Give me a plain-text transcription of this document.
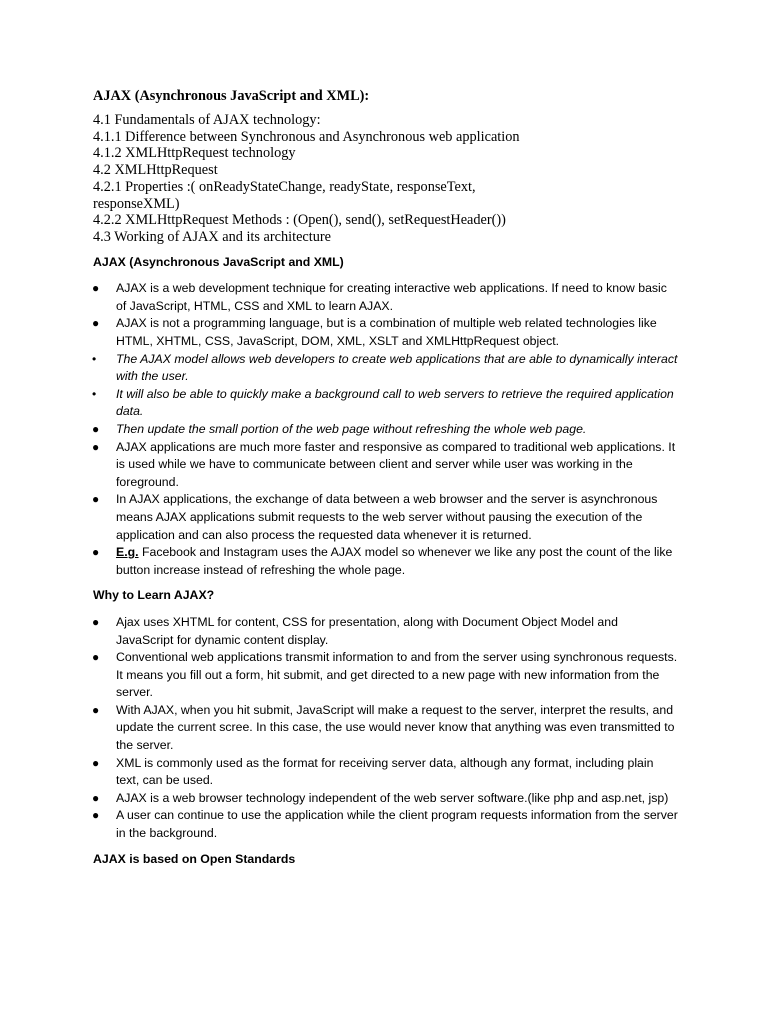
AJAX (Asynchronous JavaScript and XML):
4.1 Fundamentals of AJAX technology:
4.1.1 Difference between Synchronous and Asynchronous web application
4.1.2 XMLHttpRequest technology
4.2 XMLHttpRequest
4.2.1 Properties :( onReadyStateChange, readyState, responseText,
responseXML)
4.2.2 XMLHttpRequest Methods : (Open(), send(), setRequestHeader())
4.3 Working of AJAX and its architecture
AJAX (Asynchronous JavaScript and XML)
● AJAX is a web development technique for creating interactive web applications. If need to know basic of JavaScript, HTML, CSS and XML to learn AJAX.
● AJAX is not a programming language, but is a combination of multiple web related technologies like HTML, XHTML, CSS, JavaScript, DOM, XML, XSLT and XMLHttpRequest object.
• The AJAX model allows web developers to create web applications that are able to dynamically interact with the user.
• It will also be able to quickly make a background call to web servers to retrieve the required application data.
● Then update the small portion of the web page without refreshing the whole web page.
● AJAX applications are much more faster and responsive as compared to traditional web applications. It is used while we have to communicate between client and server while user was working in the foreground.
● In AJAX applications, the exchange of data between a web browser and the server is asynchronous means AJAX applications submit requests to the web server without pausing the execution of the application and can also process the requested data whenever it is returned.
● E.g. Facebook and Instagram uses the AJAX model so whenever we like any post the count of the like button increase instead of refreshing the whole page.
Why to Learn AJAX?
● Ajax uses XHTML for content, CSS for presentation, along with Document Object Model and JavaScript for dynamic content display.
● Conventional web applications transmit information to and from the server using synchronous requests. It means you fill out a form, hit submit, and get directed to a new page with new information from the server.
● With AJAX, when you hit submit, JavaScript will make a request to the server, interpret the results, and update the current scree. In this case, the use would never know that anything was even transmitted to the server.
● XML is commonly used as the format for receiving server data, although any format, including plain text, can be used.
● AJAX is a web browser technology independent of the web server software.(like php and asp.net, jsp)
● A user can continue to use the application while the client program requests information from the server in the background.
AJAX is based on Open Standards
